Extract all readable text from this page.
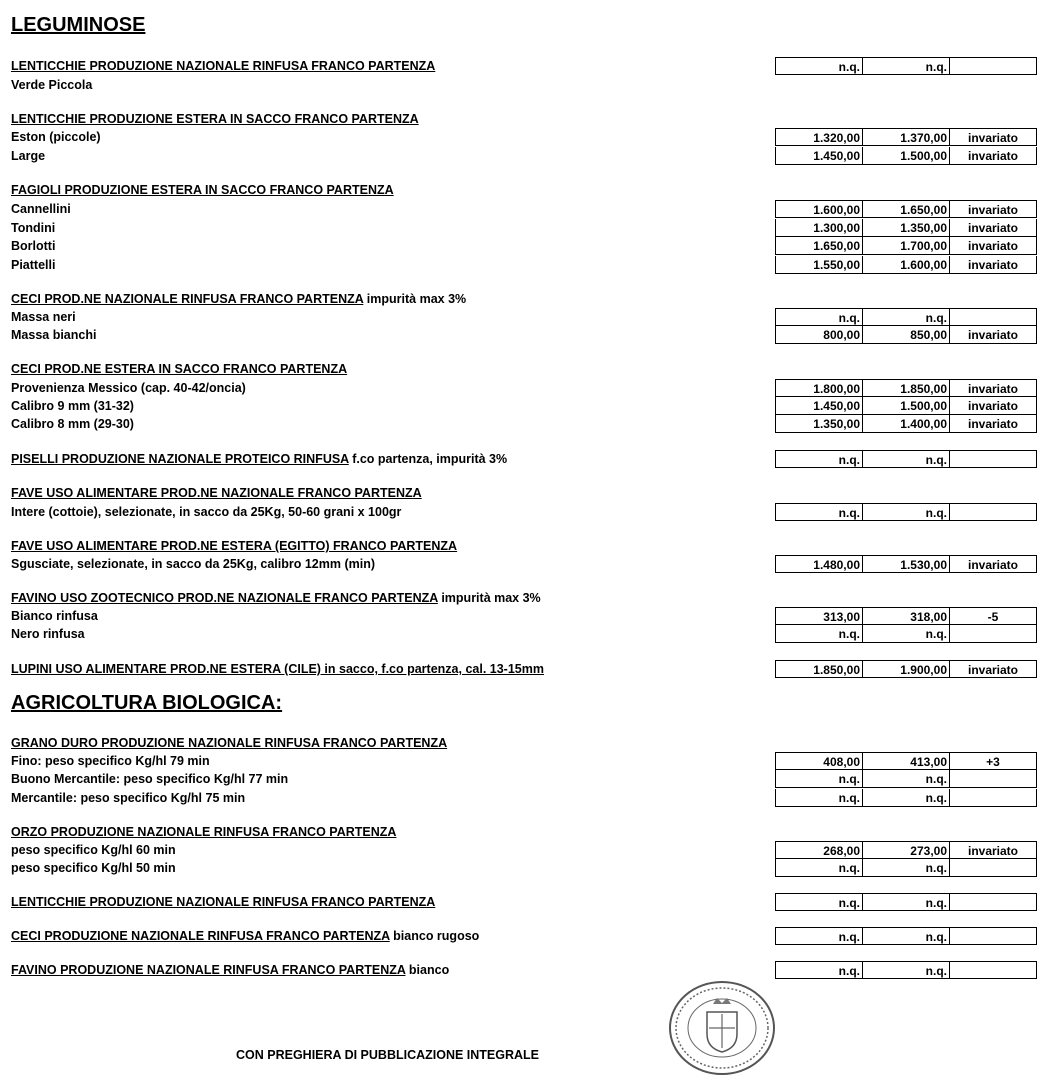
LEGUMINOSE
AGRICOLTURA BIOLOGICA:
LENTICCHIE PRODUZIONE NAZIONALE RINFUSA FRANCO PARTENZA	n.q.	n.q.
Verde Piccola
LENTICCHIE PRODUZIONE ESTERA IN SACCO FRANCO PARTENZA
Eston (piccole)	1.320,00	1.370,00	invariato
Large	1.450,00	1.500,00	invariato
FAGIOLI PRODUZIONE ESTERA IN SACCO FRANCO PARTENZA
Cannellini	1.600,00	1.650,00	invariato
Tondini	1.300,00	1.350,00	invariato
Borlotti	1.650,00	1.700,00	invariato
Piattelli	1.550,00	1.600,00	invariato
CECI PROD.NE NAZIONALE RINFUSA FRANCO PARTENZA impurità max 3%
Massa neri	n.q.	n.q.
Massa bianchi	800,00	850,00	invariato
CECI PROD.NE ESTERA IN SACCO FRANCO PARTENZA
Provenienza Messico (cap. 40-42/oncia)	1.800,00	1.850,00	invariato
Calibro 9 mm (31-32)	1.450,00	1.500,00	invariato
Calibro 8 mm (29-30)	1.350,00	1.400,00	invariato
PISELLI PRODUZIONE NAZIONALE PROTEICO RINFUSA f.co partenza, impurità 3%	n.q.	n.q.
FAVE USO ALIMENTARE PROD.NE NAZIONALE FRANCO PARTENZA
Intere (cottoie), selezionate, in sacco da 25Kg, 50-60 grani x 100gr	n.q.	n.q.
FAVE USO ALIMENTARE PROD.NE ESTERA (EGITTO) FRANCO PARTENZA
Sgusciate, selezionate, in sacco da 25Kg, calibro 12mm (min)	1.480,00	1.530,00	invariato
FAVINO USO ZOOTECNICO PROD.NE NAZIONALE FRANCO PARTENZA impurità max 3%
Bianco rinfusa	313,00	318,00	-5
Nero rinfusa	n.q.	n.q.
LUPINI USO ALIMENTARE PROD.NE ESTERA (CILE) in sacco, f.co partenza, cal. 13-15mm	1.850,00	1.900,00	invariato
GRANO DURO PRODUZIONE NAZIONALE RINFUSA FRANCO PARTENZA
Fino: peso specifico Kg/hl 79 min	408,00	413,00	+3
Buono Mercantile: peso specifico Kg/hl 77 min	n.q.	n.q.
Mercantile: peso specifico Kg/hl 75 min	n.q.	n.q.
ORZO PRODUZIONE NAZIONALE RINFUSA FRANCO PARTENZA
peso specifico Kg/hl 60 min	268,00	273,00	invariato
peso specifico Kg/hl 50 min	n.q.	n.q.
LENTICCHIE PRODUZIONE NAZIONALE RINFUSA FRANCO PARTENZA	n.q.	n.q.
CECI PRODUZIONE NAZIONALE RINFUSA FRANCO PARTENZA bianco rugoso	n.q.	n.q.
FAVINO PRODUZIONE NAZIONALE RINFUSA FRANCO PARTENZA bianco	n.q.	n.q.
CON PREGHIERA DI PUBBLICAZIONE INTEGRALE
